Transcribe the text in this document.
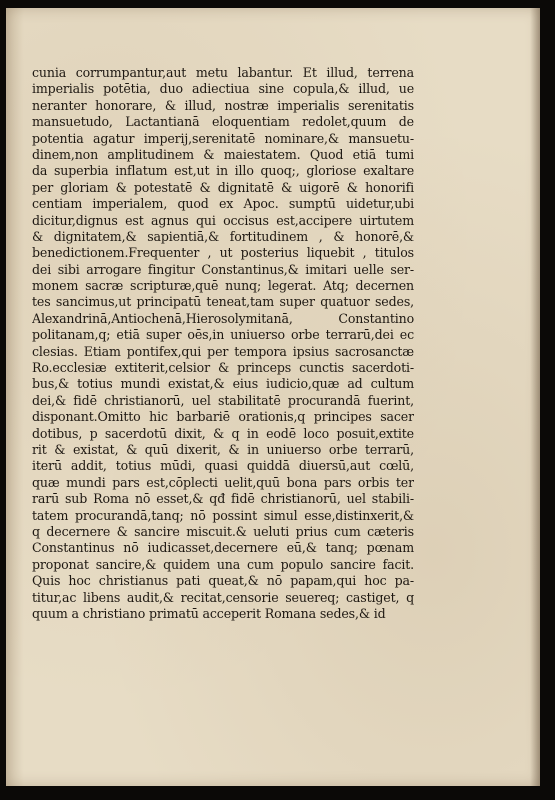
cunia corrumpantur,aut metu labantur. Et illud, terrena
imperialis potētia, duo adiectiua sine copula,& illud, ue
neranter honorare, & illud, nostræ imperialis serenitatis
mansuetudo, Lactantianā eloquentiam redolet,quum de
potentia agatur imperij,serenitatē nominare,& mansuetu-
dinem,non amplitudinem & maiestatem. Quod etiā tumi
da superbia inflatum est,ut in illo quoq;, gloriose exaltare
per gloriam & potestatē & dignitatē & uigorē & honorifi
centiam imperialem, quod ex Apoc. sumptū uidetur,ubi
dicitur,dignus est agnus qui occisus est,accipere uirtutem
& dignitatem,& sapientiā,& fortitudinem , & honorē,&
benedictionem.Frequenter , ut posterius liquebit , titulos
dei sibi arrogare fingitur Constantinus,& imitari uelle ser-
monem sacræ scripturæ,quē nunq; legerat. Atq; decernen
tes sancimus,ut principatū teneat,tam super quatuor sedes,
Alexandrinā,Antiochenā,Hierosolymitanā, Constantino
politanam,q; etiā super oēs,in uniuerso orbe terrarū,dei ec
clesias. Etiam pontifex,qui per tempora ipsius sacrosanctæ
Ro.ecclesiæ extiterit,celsior & princeps cunctis sacerdoti-
bus,& totius mundi existat,& eius iudicio,quæ ad cultum
dei,& fidē christianorū, uel stabilitatē procurandā fuerint,
disponant.Omitto hic barbariē orationis,q principes sacer
dotibus, p sacerdotū dixit, & q in eodē loco posuit,extite
rit & existat, & quū dixerit, & in uniuerso orbe terrarū,
iterū addit, totius mūdi, quasi quiddā diuersū,aut cœlū,
quæ mundi pars est,cōplecti uelit,quū bona pars orbis ter
rarū sub Roma nō esset,& qđ fidē christianorū, uel stabili-
tatem procurandā,tanq; nō possint simul esse,distinxerit,&
q decernere & sancire miscuit.& ueluti prius cum cæteris
Constantinus nō iudicasset,decernere eū,& tanq; pœnam
proponat sancire,& quidem una cum populo sancire facit.
Quis hoc christianus pati queat,& nō papam,qui hoc pa-
titur,ac libens audit,& recitat,censorie seuereq; castiget, q
quum a christiano primatū acceperit Romana sedes,& id
